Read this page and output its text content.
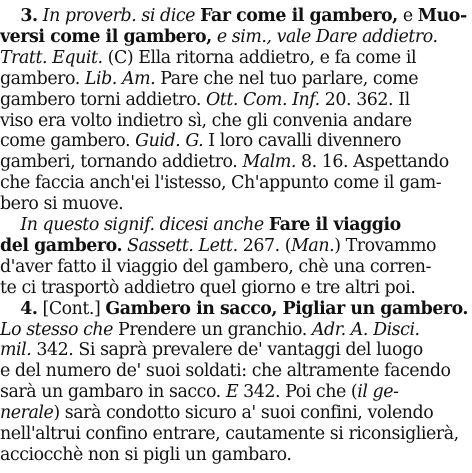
3. In proverb. si dice Far come il gambero, e Muo-
versi come il gambero, e sim., vale Dare addietro.
Tratt. Equit. (C) Ella ritorna addietro, e fa come il
gambero. Lib. Am. Pare che nel tuo parlare, come
gambero torni addietro. Ott. Com. Inf. 20. 362. Il
viso era volto indietro sì, che gli convenia andare
come gambero. Guid. G. I loro cavalli divennero
gamberi, tornando addietro. Malm. 8. 16. Aspettando
che faccia anch'ei l'istesso, Ch'appunto come il gam-
bero si muove.
In questo signif. dicesi anche Fare il viaggio
del gambero. Sassett. Lett. 267. (Man.) Trovammo
d'aver fatto il viaggio del gambero, chè una corren-
te ci trasportò addietro quel giorno e tre altri poi.
4. [Cont.] Gambero in sacco, Pigliar un gambero.
Lo stesso che Prendere un granchio. Adr. A. Disci.
mil. 342. Si saprà prevalere de' vantaggi del luogo
e del numero de' suoi soldati: che altramente facendo
sarà un gambaro in sacco. E 342. Poi che (il ge-
nerale) sarà condotto sicuro a' suoi confini, volendo
nell'altrui confino entrare, cautamente si riconsiglierà,
acciocchè non si pigli un gambaro.
